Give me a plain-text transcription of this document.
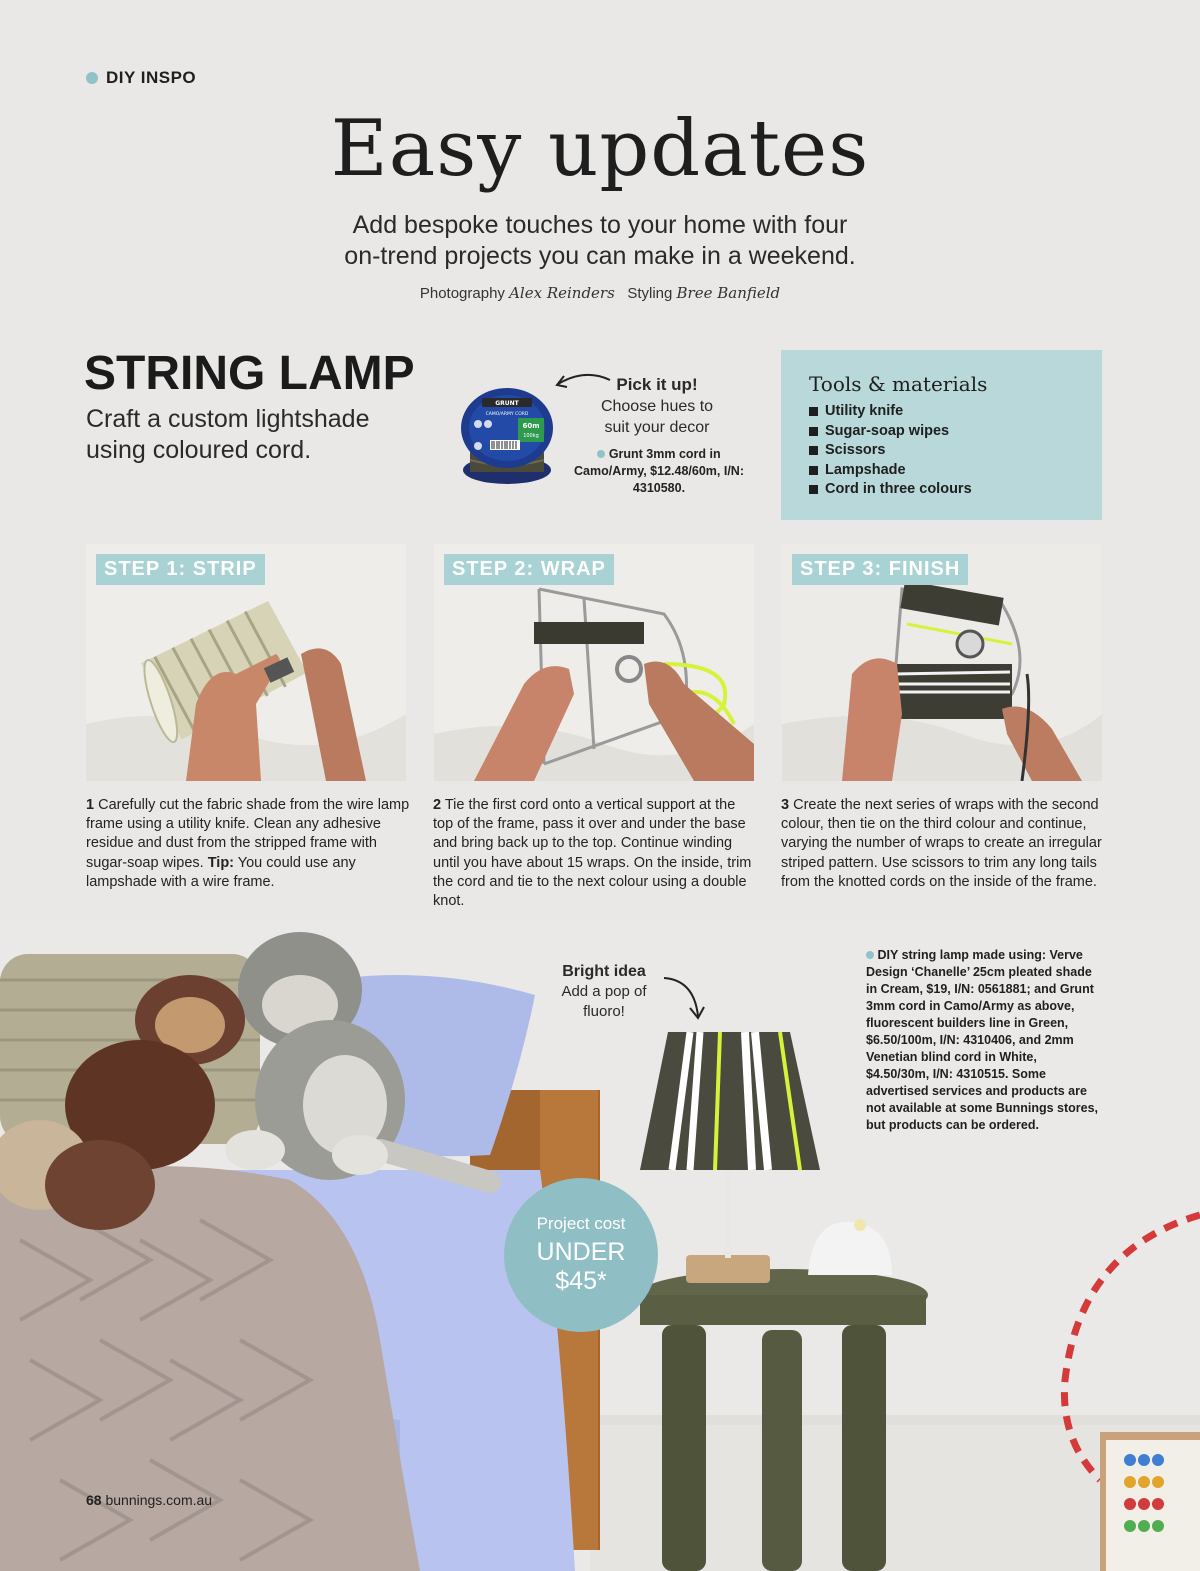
DIY INSPO
Easy updates
Add bespoke touches to your home with four
on-trend projects you can make in a weekend.
Photography Alex Reinders Styling Bree Banfield
STRING LAMP
Craft a custom lightshade using coloured cord.
GRUNT
CAMO/ARMY CORD
60m
100kg
Pick it up!
Choose hues to
suit your decor
Grunt 3mm cord in Camo/Army, $12.48/60m, I/N: 4310580.
Tools & materials
Utility knife
Sugar-soap wipes
Scissors
Lampshade
Cord in three colours
STEP 1: STRIP	STEP 2: WRAP	STEP 3: FINISH
1 Carefully cut the fabric shade from the wire lamp frame using a utility knife. Clean any adhesive residue and dust from the stripped frame with sugar-soap wipes. Tip: You could use any lampshade with a wire frame.
2 Tie the first cord onto a vertical support at the top of the frame, pass it over and under the base and bring back up to the top. Continue winding until you have about 15 wraps. On the inside, trim the cord and tie to the next colour using a double knot.
3 Create the next series of wraps with the second colour, then tie on the third colour and continue, varying the number of wraps to create an irregular striped pattern. Use scissors to trim any long tails from the knotted cords on the inside of the frame.
Bright idea
Add a pop of
fluoro!
DIY string lamp made using: Verve Design ‘Chanelle’ 25cm pleated shade in Cream, $19, I/N: 0561881; and Grunt 3mm cord in Camo/Army as above, fluorescent builders line in Green, $6.50/100m, I/N: 4310406, and 2mm Venetian blind cord in White, $4.50/30m, I/N: 4310515. Some advertised services and products are not available at some Bunnings stores, but products can be ordered.
Project cost
UNDER
$45*
68 bunnings.com.au
